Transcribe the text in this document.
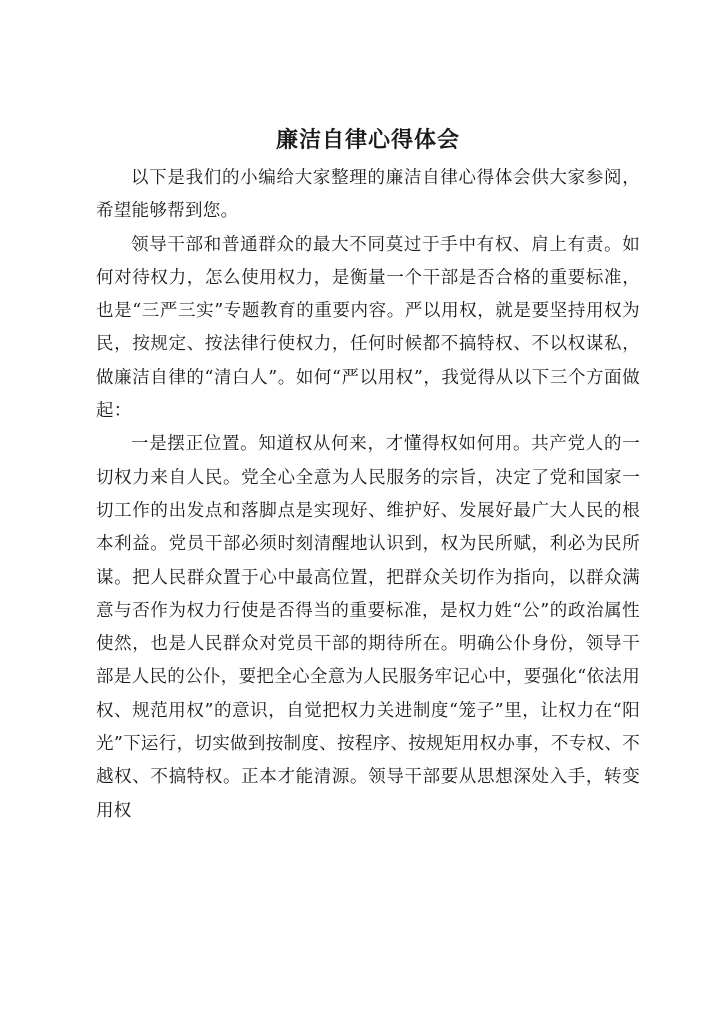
廉洁自律心得体会

以下是我们的小编给大家整理的廉洁自律心得体会供大家参阅，希望能够帮到您。

领导干部和普通群众的最大不同莫过于手中有权、肩上有责。如何对待权力，怎么使用权力，是衡量一个干部是否合格的重要标准，也是“三严三实”专题教育的重要内容。严以用权，就是要坚持用权为民，按规定、按法律行使权力，任何时候都不搞特权、不以权谋私，做廉洁自律的“清白人”。如何“严以用权”，我觉得从以下三个方面做起：

一是摆正位置。知道权从何来，才懂得权如何用。共产党人的一切权力来自人民。党全心全意为人民服务的宗旨，决定了党和国家一切工作的出发点和落脚点是实现好、维护好、发展好最广大人民的根本利益。党员干部必须时刻清醒地认识到，权为民所赋，利必为民所谋。把人民群众置于心中最高位置，把群众关切作为指向，以群众满意与否作为权力行使是否得当的重要标准，是权力姓“公”的政治属性使然，也是人民群众对党员干部的期待所在。明确公仆身份，领导干部是人民的公仆，要把全心全意为人民服务牢记心中，要强化“依法用权、规范用权”的意识，自觉把权力关进制度“笼子”里，让权力在“阳光”下运行，切实做到按制度、按程序、按规矩用权办事，不专权、不越权、不搞特权。正本才能清源。领导干部要从思想深处入手，转变用权
